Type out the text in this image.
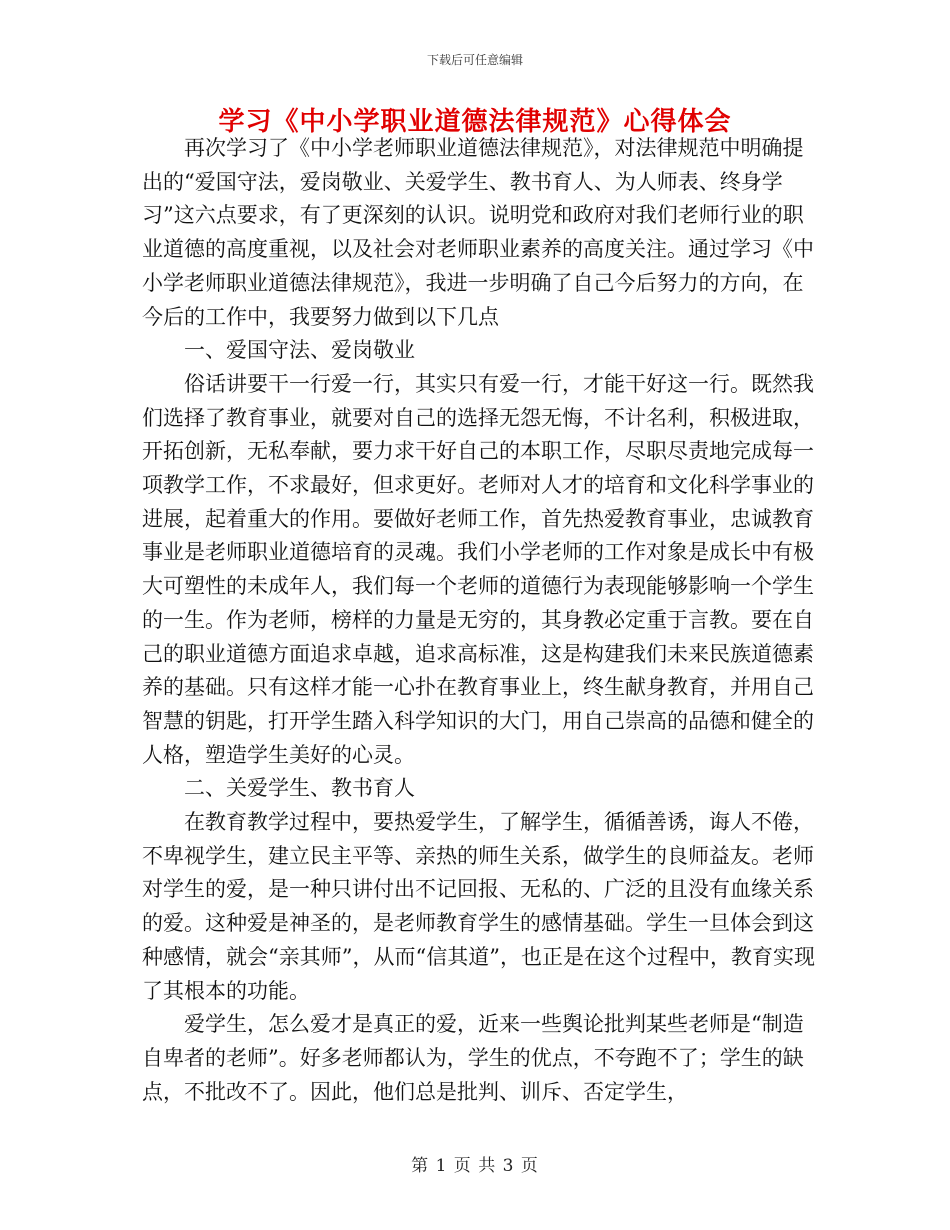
下载后可任意编辑
学习《中小学职业道德法律规范》心得体会

再次学习了《中小学老师职业道德法律规范》，对法律规范中明确提出的“爱国守法，爱岗敬业、关爱学生、教书育人、为人师表、终身学习”这六点要求，有了更深刻的认识。说明党和政府对我们老师行业的职业道德的高度重视，以及社会对老师职业素养的高度关注。通过学习《中小学老师职业道德法律规范》，我进一步明确了自己今后努力的方向，在今后的工作中，我要努力做到以下几点

一、爱国守法、爱岗敬业

俗话讲要干一行爱一行，其实只有爱一行，才能干好这一行。既然我们选择了教育事业，就要对自己的选择无怨无悔，不计名利，积极进取，开拓创新，无私奉献，要力求干好自己的本职工作，尽职尽责地完成每一项教学工作，不求最好，但求更好。老师对人才的培育和文化科学事业的进展，起着重大的作用。要做好老师工作，首先热爱教育事业，忠诚教育事业是老师职业道德培育的灵魂。我们小学老师的工作对象是成长中有极大可塑性的未成年人，我们每一个老师的道德行为表现能够影响一个学生的一生。作为老师，榜样的力量是无穷的，其身教必定重于言教。要在自己的职业道德方面追求卓越，追求高标准，这是构建我们未来民族道德素养的基础。只有这样才能一心扑在教育事业上，终生献身教育，并用自己智慧的钥匙，打开学生踏入科学知识的大门，用自己崇高的品德和健全的人格，塑造学生美好的心灵。

二、关爱学生、教书育人

在教育教学过程中，要热爱学生，了解学生，循循善诱，诲人不倦，不卑视学生，建立民主平等、亲热的师生关系，做学生的良师益友。老师对学生的爱，是一种只讲付出不记回报、无私的、广泛的且没有血缘关系的爱。这种爱是神圣的，是老师教育学生的感情基础。学生一旦体会到这种感情，就会“亲其师”，从而“信其道”，也正是在这个过程中，教育实现了其根本的功能。

爱学生，怎么爱才是真正的爱，近来一些舆论批判某些老师是“制造自卑者的老师”。好多老师都认为，学生的优点，不夸跑不了；学生的缺点，不批改不了。因此，他们总是批判、训斥、否定学生，

第 1 页 共 3 页
